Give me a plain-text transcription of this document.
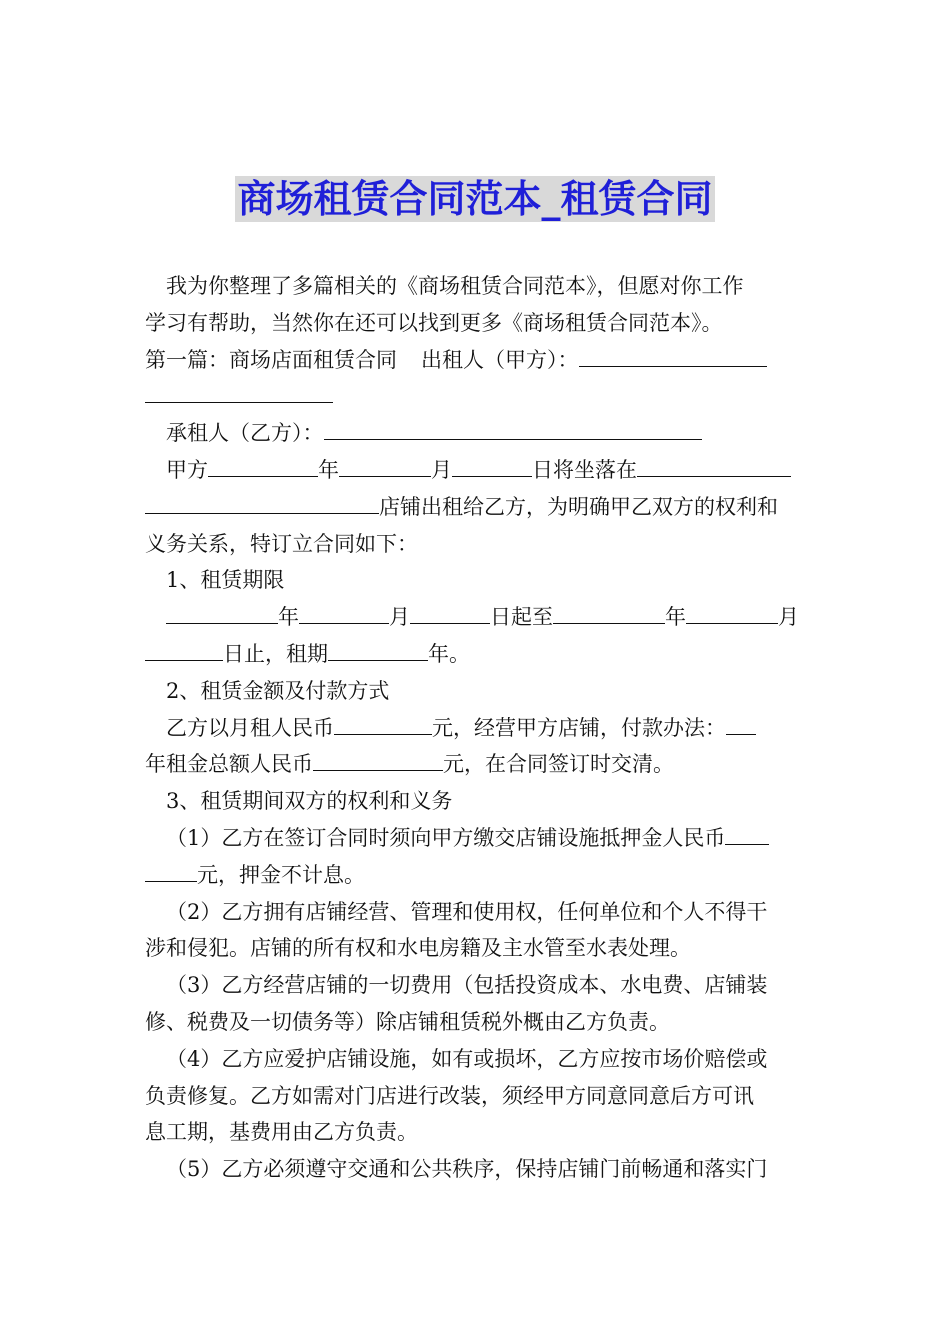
商场租赁合同范本_租赁合同
我为你整理了多篇相关的《商场租赁合同范本》，但愿对你工作
学习有帮助，当然你在还可以找到更多《商场租赁合同范本》。
第一篇：商场店面租赁合同 出租人（甲方）：
承租人（乙方）：
甲方	年	月	日将坐落在
店铺出租给乙方，为明确甲乙双方的权利和
义务关系，特订立合同如下：
1、租赁期限
年	月	日起至	年	月
日止，租期	年。
2、租赁金额及付款方式
乙方以月租人民币	元，经营甲方店铺，付款办法：
年租金总额人民币	元，在合同签订时交清。
3、租赁期间双方的权利和义务
（1）乙方在签订合同时须向甲方缴交店铺设施抵押金人民币
元，押金不计息。
（2）乙方拥有店铺经营、管理和使用权，任何单位和个人不得干
涉和侵犯。店铺的所有权和水电房籍及主水管至水表处理。
（3）乙方经营店铺的一切费用（包括投资成本、水电费、店铺装
修、税费及一切债务等）除店铺租赁税外概由乙方负责。
（4）乙方应爱护店铺设施，如有或损坏，乙方应按市场价赔偿或
负责修复。乙方如需对门店进行改装，须经甲方同意同意后方可讯
息工期，基费用由乙方负责。
（5）乙方必须遵守交通和公共秩序，保持店铺门前畅通和落实门
